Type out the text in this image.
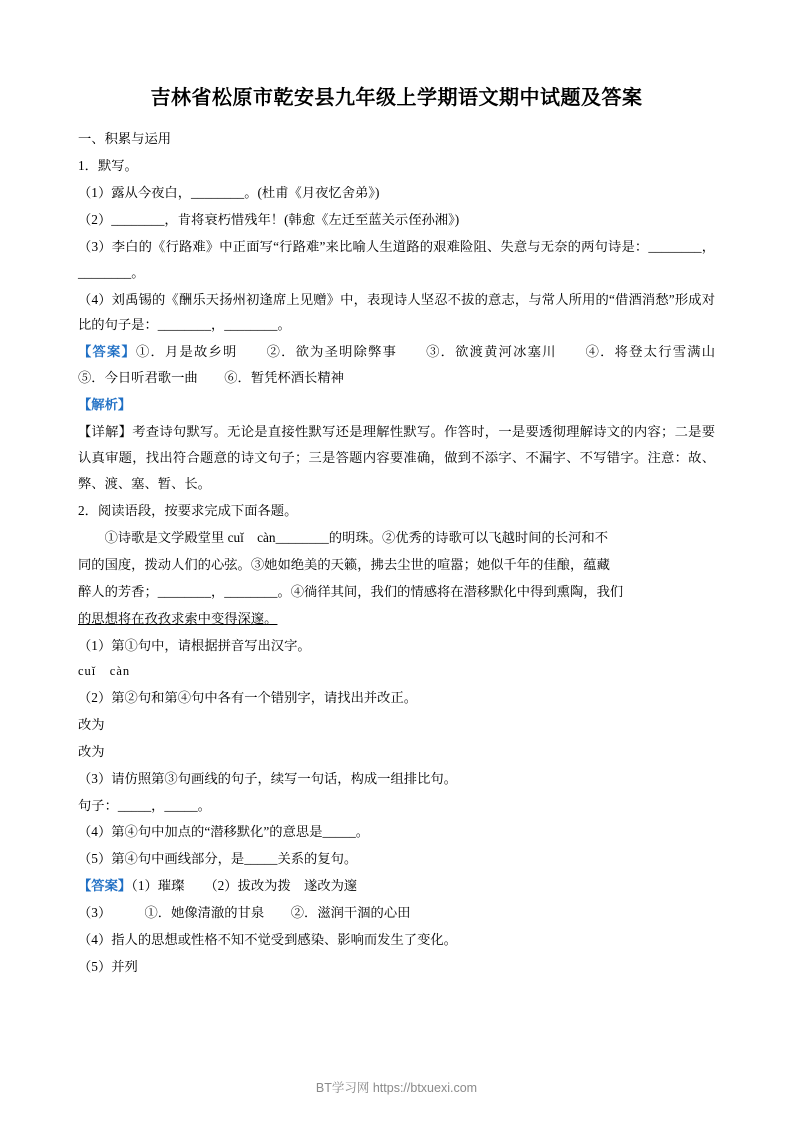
吉林省松原市乾安县九年级上学期语文期中试题及答案

一、积累与运用

1．默写。

（1）露从今夜白，________。(杜甫《月夜忆舍弟》)

（2）________，肯将衰朽惜残年！(韩愈《左迁至蓝关示侄孙湘》)

（3）李白的《行路难》中正面写“行路难”来比喻人生道路的艰难险阻、失意与无奈的两句诗是：________，________。

（4）刘禹锡的《酬乐天扬州初逢席上见赠》中，表现诗人坚忍不拔的意志，与常人所用的“借酒消愁”形成对比的句子是：________，________。

【答案】①．月是故乡明　　②．欲为圣明除弊事　　③．欲渡黄河冰塞川　　④．将登太行雪满山　　⑤．今日听君歌一曲　　⑥．暂凭杯酒长精神

【解析】

【详解】考查诗句默写。无论是直接性默写还是理解性默写。作答时，一是要透彻理解诗文的内容；二是要认真审题，找出符合题意的诗文句子；三是答题内容要准确，做到不添字、不漏字、不写错字。注意：故、弊、渡、塞、暂、长。

2．阅读语段，按要求完成下面各题。

①诗歌是文学殿堂里 cuǐ　càn________的明珠。②优秀的诗歌可以飞越时间的长河和不

同的国度，拨动人们的心弦。③她如绝美的天籁，拂去尘世的喧嚣；她似千年的佳酿，蕴藏

醉人的芳香；________，________。④徜徉其间，我们的情感将在潜移默化中得到熏陶，我们

的思想将在孜孜求索中变得深邃。

（1）第①句中，请根据拼音写出汉字。

cuǐ　càn

（2）第②句和第④句中各有一个错别字，请找出并改正。

改为

改为

（3）请仿照第③句画线的句子，续写一句话，构成一组排比句。

句子：_____，_____。

（4）第④句中加点的“潜移默化”的意思是_____。

（5）第④句中画线部分，是_____关系的复句。

【答案】（1）璀璨　　（2）拔改为拨　遂改为邃

（3）　　　①．她像清澈的甘泉　　②．滋润干涸的心田

（4）指人的思想或性格不知不觉受到感染、影响而发生了变化。

（5）并列

BT学习网 https://btxuexi.com
